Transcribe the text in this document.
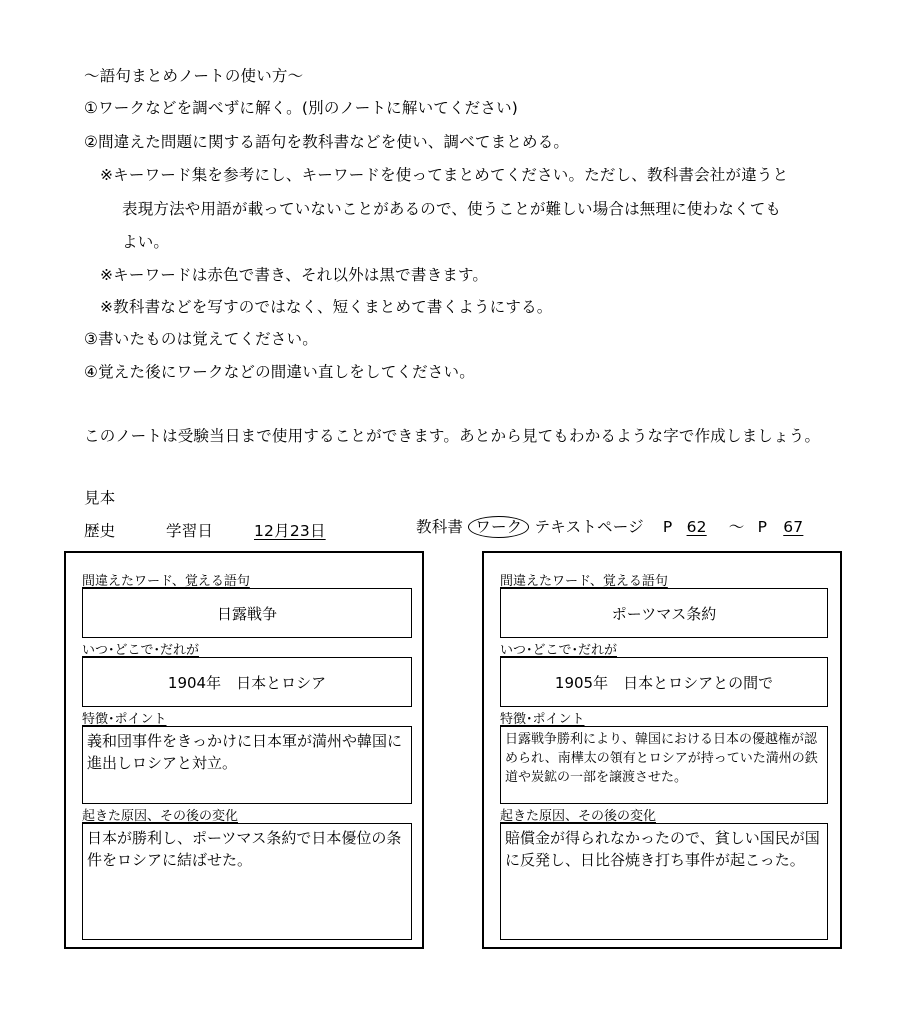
～語句まとめノートの使い方～
①ワークなどを調べずに解く。(別のノートに解いてください)
②間違えた問題に関する語句を教科書などを使い、調べてまとめる。
※キーワード集を参考にし、キーワードを使ってまとめてください。ただし、教科書会社が違うと
表現方法や用語が載っていないことがあるので、使うことが難しい場合は無理に使わなくても
よい。
※キーワードは赤色で書き、それ以外は黒で書きます。
※教科書などを写すのではなく、短くまとめて書くようにする。
③書いたものは覚えてください。
④覚えた後にワークなどの間違い直しをしてください。
このノートは受験当日まで使用することができます。あとから見てもわかるような字で作成しましょう。
見本
歴史	学習日	12月23日	教科書 ワーク テキストページ P 62 ～ P 67
間違えたワード、覚える語句
日露戦争
いつ･どこで･だれが
1904年　日本とロシア
特徴･ポイント
義和団事件をきっかけに日本軍が満州や韓国に進出しロシアと対立。
起きた原因、その後の変化
日本が勝利し、ポーツマス条約で日本優位の条件をロシアに結ばせた。
間違えたワード、覚える語句
ポーツマス条約
いつ･どこで･だれが
1905年　日本とロシアとの間で
特徴･ポイント
日露戦争勝利により、韓国における日本の優越権が認められ、南樺太の領有とロシアが持っていた満州の鉄道や炭鉱の一部を譲渡させた。
起きた原因、その後の変化
賠償金が得られなかったので、貧しい国民が国に反発し、日比谷焼き打ち事件が起こった。
